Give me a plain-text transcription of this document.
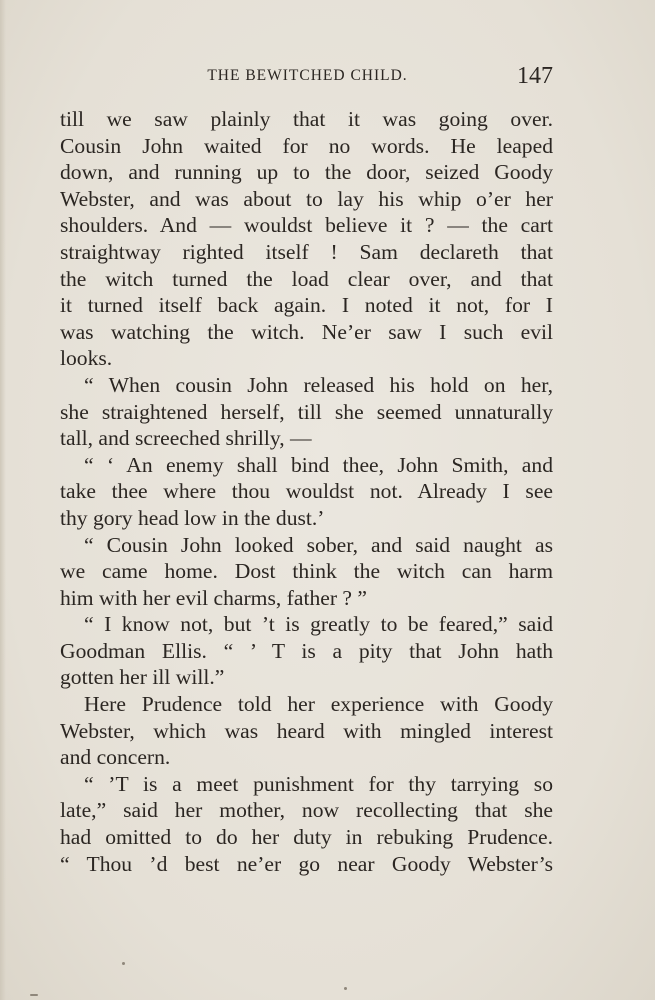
THE BEWITCHED CHILD.	147
till we saw plainly that it was going over.
Cousin John waited for no words. He leaped
down, and running up to the door, seized Goody
Webster, and was about to lay his whip o’er her
shoulders. And — wouldst believe it ? — the cart
straightway righted itself ! Sam declareth that
the witch turned the load clear over, and that
it turned itself back again. I noted it not, for I
was watching the witch. Ne’er saw I such evil
looks.
“ When cousin John released his hold on her,
she straightened herself, till she seemed unnaturally
tall, and screeched shrilly, —
“ ‘ An enemy shall bind thee, John Smith, and
take thee where thou wouldst not. Already I see
thy gory head low in the dust.’
“ Cousin John looked sober, and said naught as
we came home. Dost think the witch can harm
him with her evil charms, father ? ”
“ I know not, but ’t is greatly to be feared,” said
Goodman Ellis. “ ’ T is a pity that John hath
gotten her ill will.”
Here Prudence told her experience with Goody
Webster, which was heard with mingled interest
and concern.
“ ’T is a meet punishment for thy tarrying so
late,” said her mother, now recollecting that she
had omitted to do her duty in rebuking Prudence.
“ Thou ’d best ne’er go near Goody Webster’s
